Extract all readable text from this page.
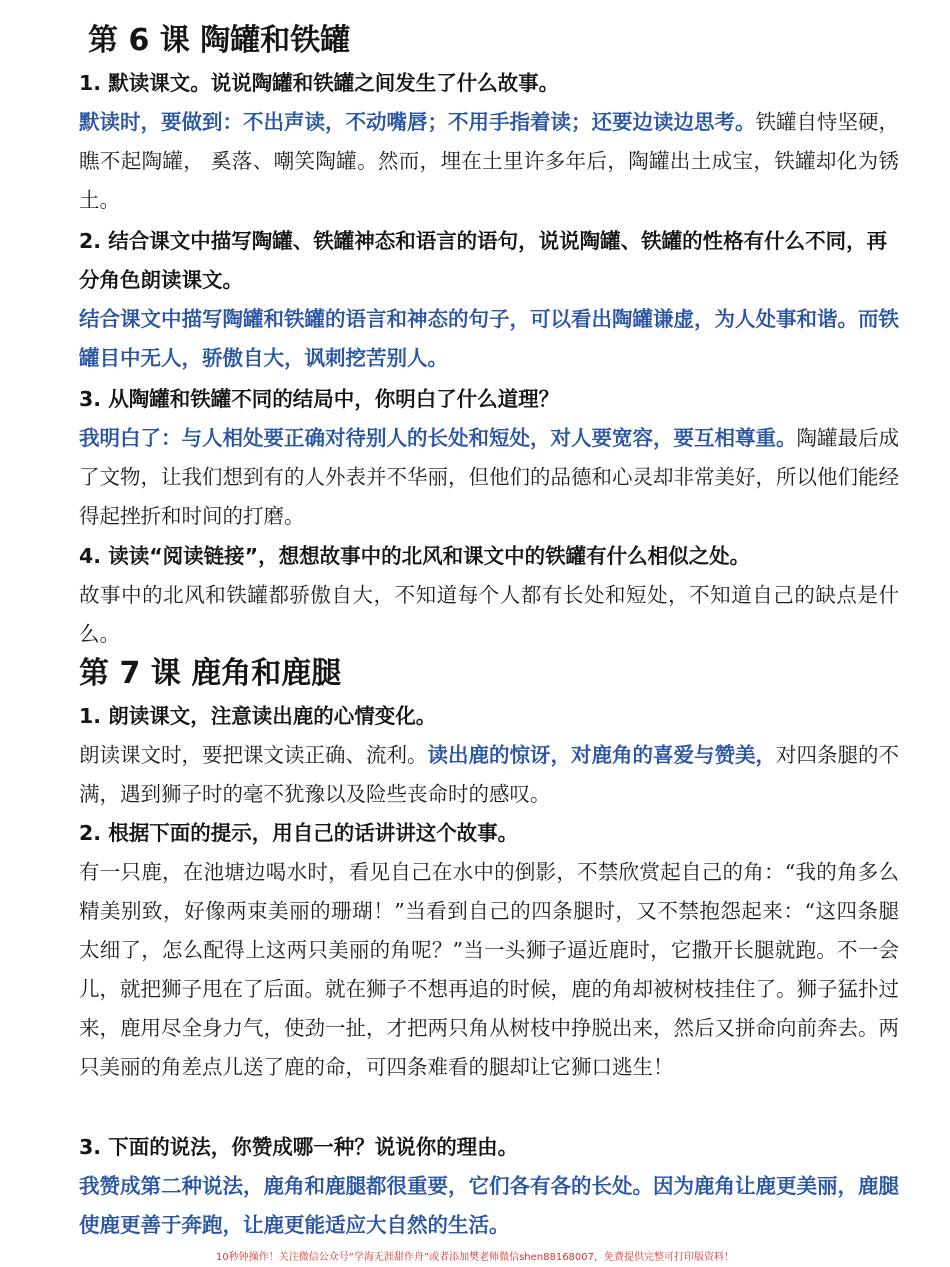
第 6 课 陶罐和铁罐

1. 默读课文。说说陶罐和铁罐之间发生了什么故事。

默读时，要做到：不出声读，不动嘴唇；不用手指着读；还要边读边思考。铁罐自恃坚硬，瞧不起陶罐， 奚落、嘲笑陶罐。然而，埋在土里许多年后，陶罐出土成宝，铁罐却化为锈土。

2. 结合课文中描写陶罐、铁罐神态和语言的语句，说说陶罐、铁罐的性格有什么不同，再分角色朗读课文。

结合课文中描写陶罐和铁罐的语言和神态的句子，可以看出陶罐谦虚，为人处事和谐。而铁罐目中无人，骄傲自大，讽刺挖苦别人。

3. 从陶罐和铁罐不同的结局中，你明白了什么道理？

我明白了：与人相处要正确对待别人的长处和短处，对人要宽容，要互相尊重。陶罐最后成了文物，让我们想到有的人外表并不华丽，但他们的品德和心灵却非常美好，所以他们能经得起挫折和时间的打磨。

4. 读读“阅读链接”，想想故事中的北风和课文中的铁罐有什么相似之处。

故事中的北风和铁罐都骄傲自大，不知道每个人都有长处和短处，不知道自己的缺点是什么。

第 7 课 鹿角和鹿腿

1. 朗读课文，注意读出鹿的心情变化。

朗读课文时，要把课文读正确、流利。读出鹿的惊讶，对鹿角的喜爱与赞美，对四条腿的不满，遇到狮子时的毫不犹豫以及险些丧命时的感叹。

2. 根据下面的提示，用自己的话讲讲这个故事。

有一只鹿，在池塘边喝水时，看见自己在水中的倒影，不禁欣赏起自己的角：“我的角多么精美别致，好像两束美丽的珊瑚！”当看到自己的四条腿时，又不禁抱怨起来：“这四条腿太细了，怎么配得上这两只美丽的角呢？”当一头狮子逼近鹿时，它撒开长腿就跑。不一会儿，就把狮子甩在了后面。就在狮子不想再追的时候，鹿的角却被树枝挂住了。狮子猛扑过来，鹿用尽全身力气，使劲一扯，才把两只角从树枝中挣脱出来，然后又拼命向前奔去。两只美丽的角差点儿送了鹿的命，可四条难看的腿却让它狮口逃生！

3. 下面的说法，你赞成哪一种？说说你的理由。

我赞成第二种说法，鹿角和鹿腿都很重要，它们各有各的长处。因为鹿角让鹿更美丽，鹿腿使鹿更善于奔跑，让鹿更能适应大自然的生活。

10秒钟操作！关注微信公众号“学海无涯甜作舟”或者添加樊老师微信shen88168007，免费提供完整可打印版资料！
